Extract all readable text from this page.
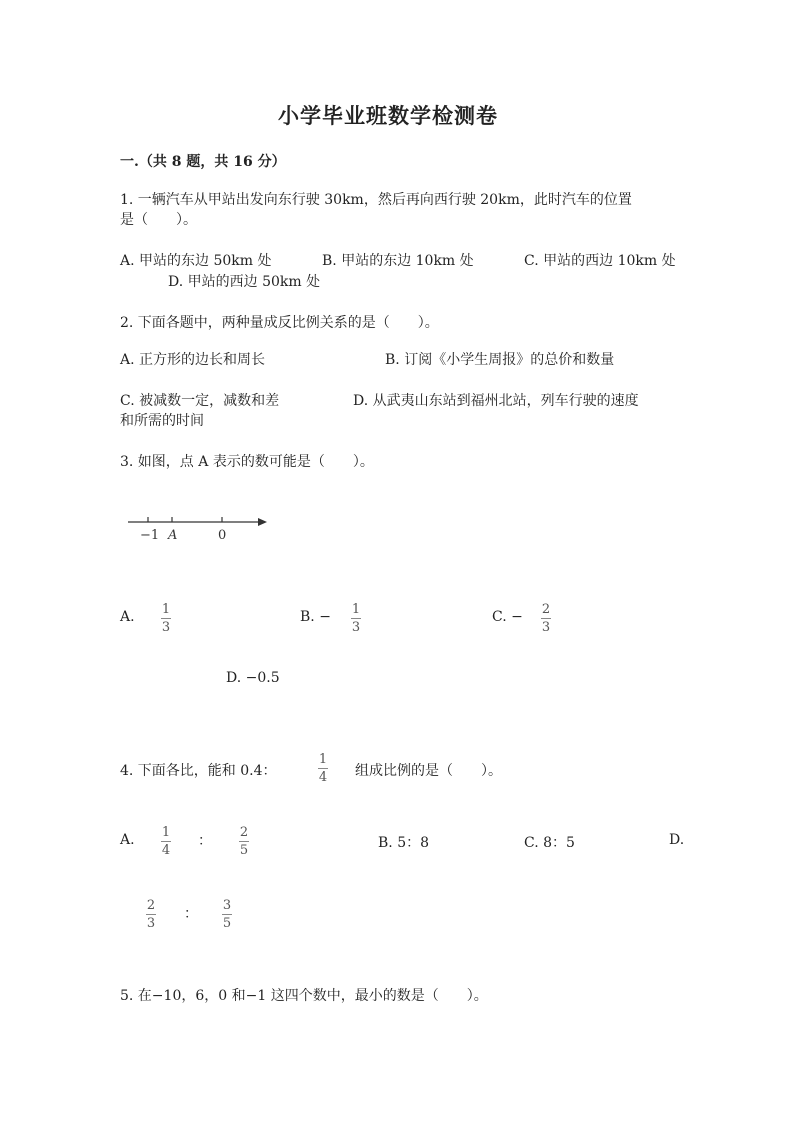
小学毕业班数学检测卷
一.（共 8 题，共 16 分）
1. 一辆汽车从甲站出发向东行驶 30km，然后再向西行驶 20km，此时汽车的位置
是（　　）。
A. 甲站的东边 50km 处	B. 甲站的东边 10km 处	C. 甲站的西边 10km 处
D. 甲站的西边 50km 处
2. 下面各题中，两种量成反比例关系的是（　　）。
A. 正方形的边长和周长	B. 订阅《小学生周报》的总价和数量
C. 被减数一定，减数和差	D. 从武夷山东站到福州北站，列车行驶的速度
和所需的时间
3. 如图，点 A 表示的数可能是（　　）。
−1 A	0
A. 1
3
B. − 1
3
C. − 2
3
D. −0.5
4. 下面各比，能和 0.4：
1
4 组成比例的是（　　）。
A. 1
4
：
2
5	B. 5：8	C. 8：5	D.
2
3
：
3
5
5. 在−10，6，0 和−1 这四个数中，最小的数是（　　）。
